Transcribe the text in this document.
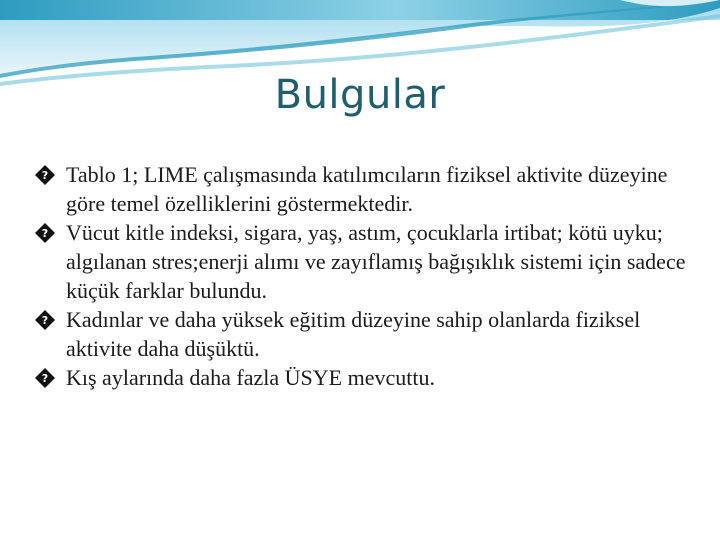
Bulgular
? Tablo 1; LIME çalışmasında katılımcıların fiziksel aktivite düzeyine göre temel özelliklerini göstermektedir.
? Vücut kitle indeksi, sigara, yaş, astım, çocuklarla irtibat; kötü uyku; algılanan stres;enerji alımı ve zayıflamış bağışıklık sistemi için sadece küçük farklar bulundu.
? Kadınlar ve daha yüksek eğitim düzeyine sahip olanlarda fiziksel aktivite daha düşüktü.
? Kış aylarında daha fazla ÜSYE mevcuttu.
